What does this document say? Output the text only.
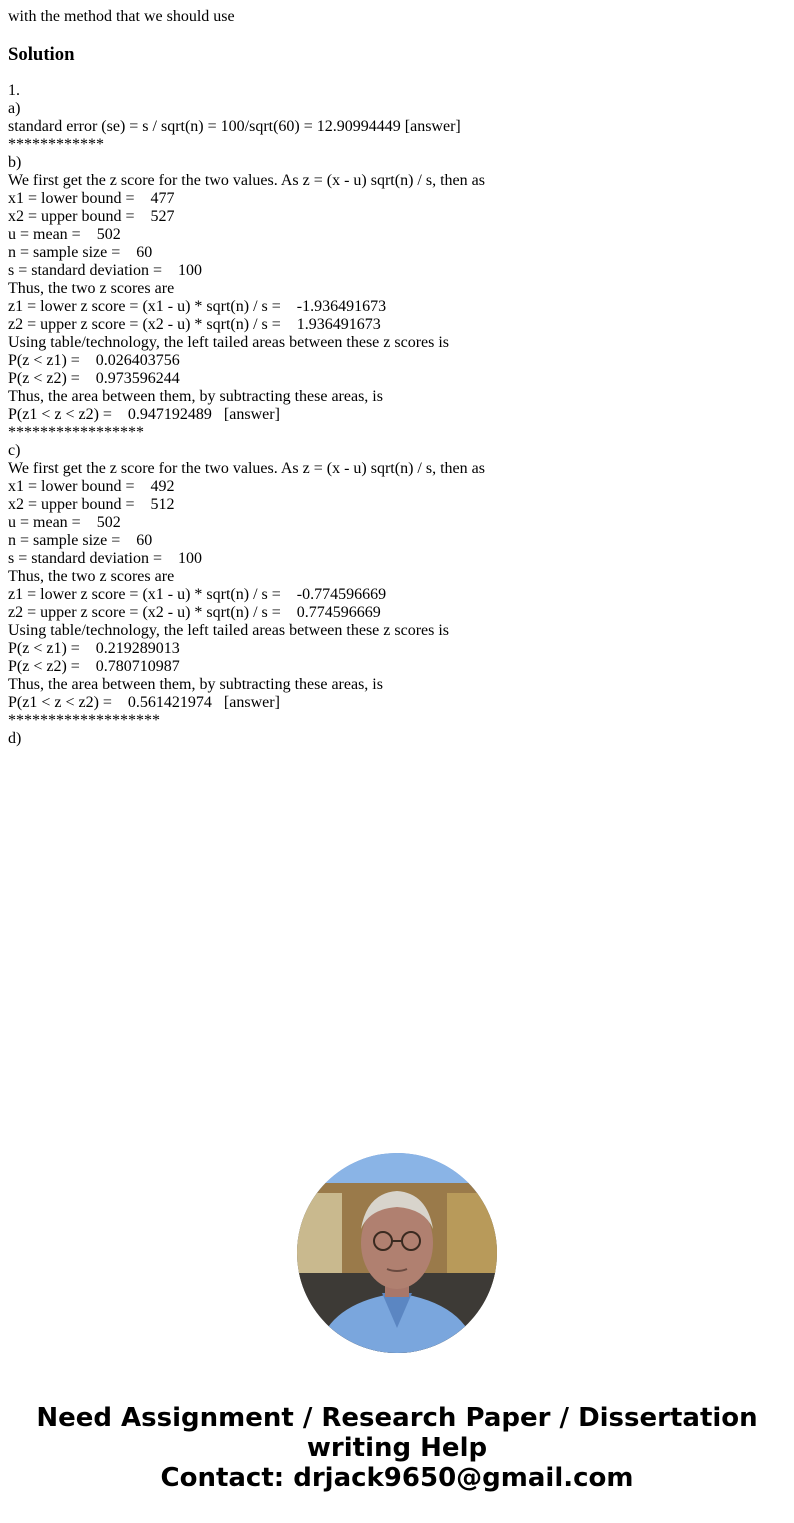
with the method that we should use

Solution

1.

a)

standard error (se) = s / sqrt(n) = 100/sqrt(60) = 12.90994449 [answer]

************

b)

We first get the z score for the two values. As z = (x - u) sqrt(n) / s, then as
x1 = lower bound =    477
x2 = upper bound =    527
u = mean =    502
n = sample size =    60
s = standard deviation =    100

Thus, the two z scores are

z1 = lower z score = (x1 - u) * sqrt(n) / s =    -1.936491673
z2 = upper z score = (x2 - u) * sqrt(n) / s =    1.936491673

Using table/technology, the left tailed areas between these z scores is

P(z < z1) =    0.026403756
P(z < z2) =    0.973596244

Thus, the area between them, by subtracting these areas, is

P(z1 < z < z2) =    0.947192489   [answer]

*****************

c)

We first get the z score for the two values. As z = (x - u) sqrt(n) / s, then as
x1 = lower bound =    492
x2 = upper bound =    512
u = mean =    502
n = sample size =    60
s = standard deviation =    100

Thus, the two z scores are

z1 = lower z score = (x1 - u) * sqrt(n) / s =    -0.774596669
z2 = upper z score = (x2 - u) * sqrt(n) / s =    0.774596669

Using table/technology, the left tailed areas between these z scores is

P(z < z1) =    0.219289013
P(z < z2) =    0.780710987

Thus, the area between them, by subtracting these areas, is

P(z1 < z < z2) =    0.561421974   [answer]

*******************

d)

Need Assignment / Research Paper / Dissertation
writing Help
Contact: drjack9650@gmail.com
